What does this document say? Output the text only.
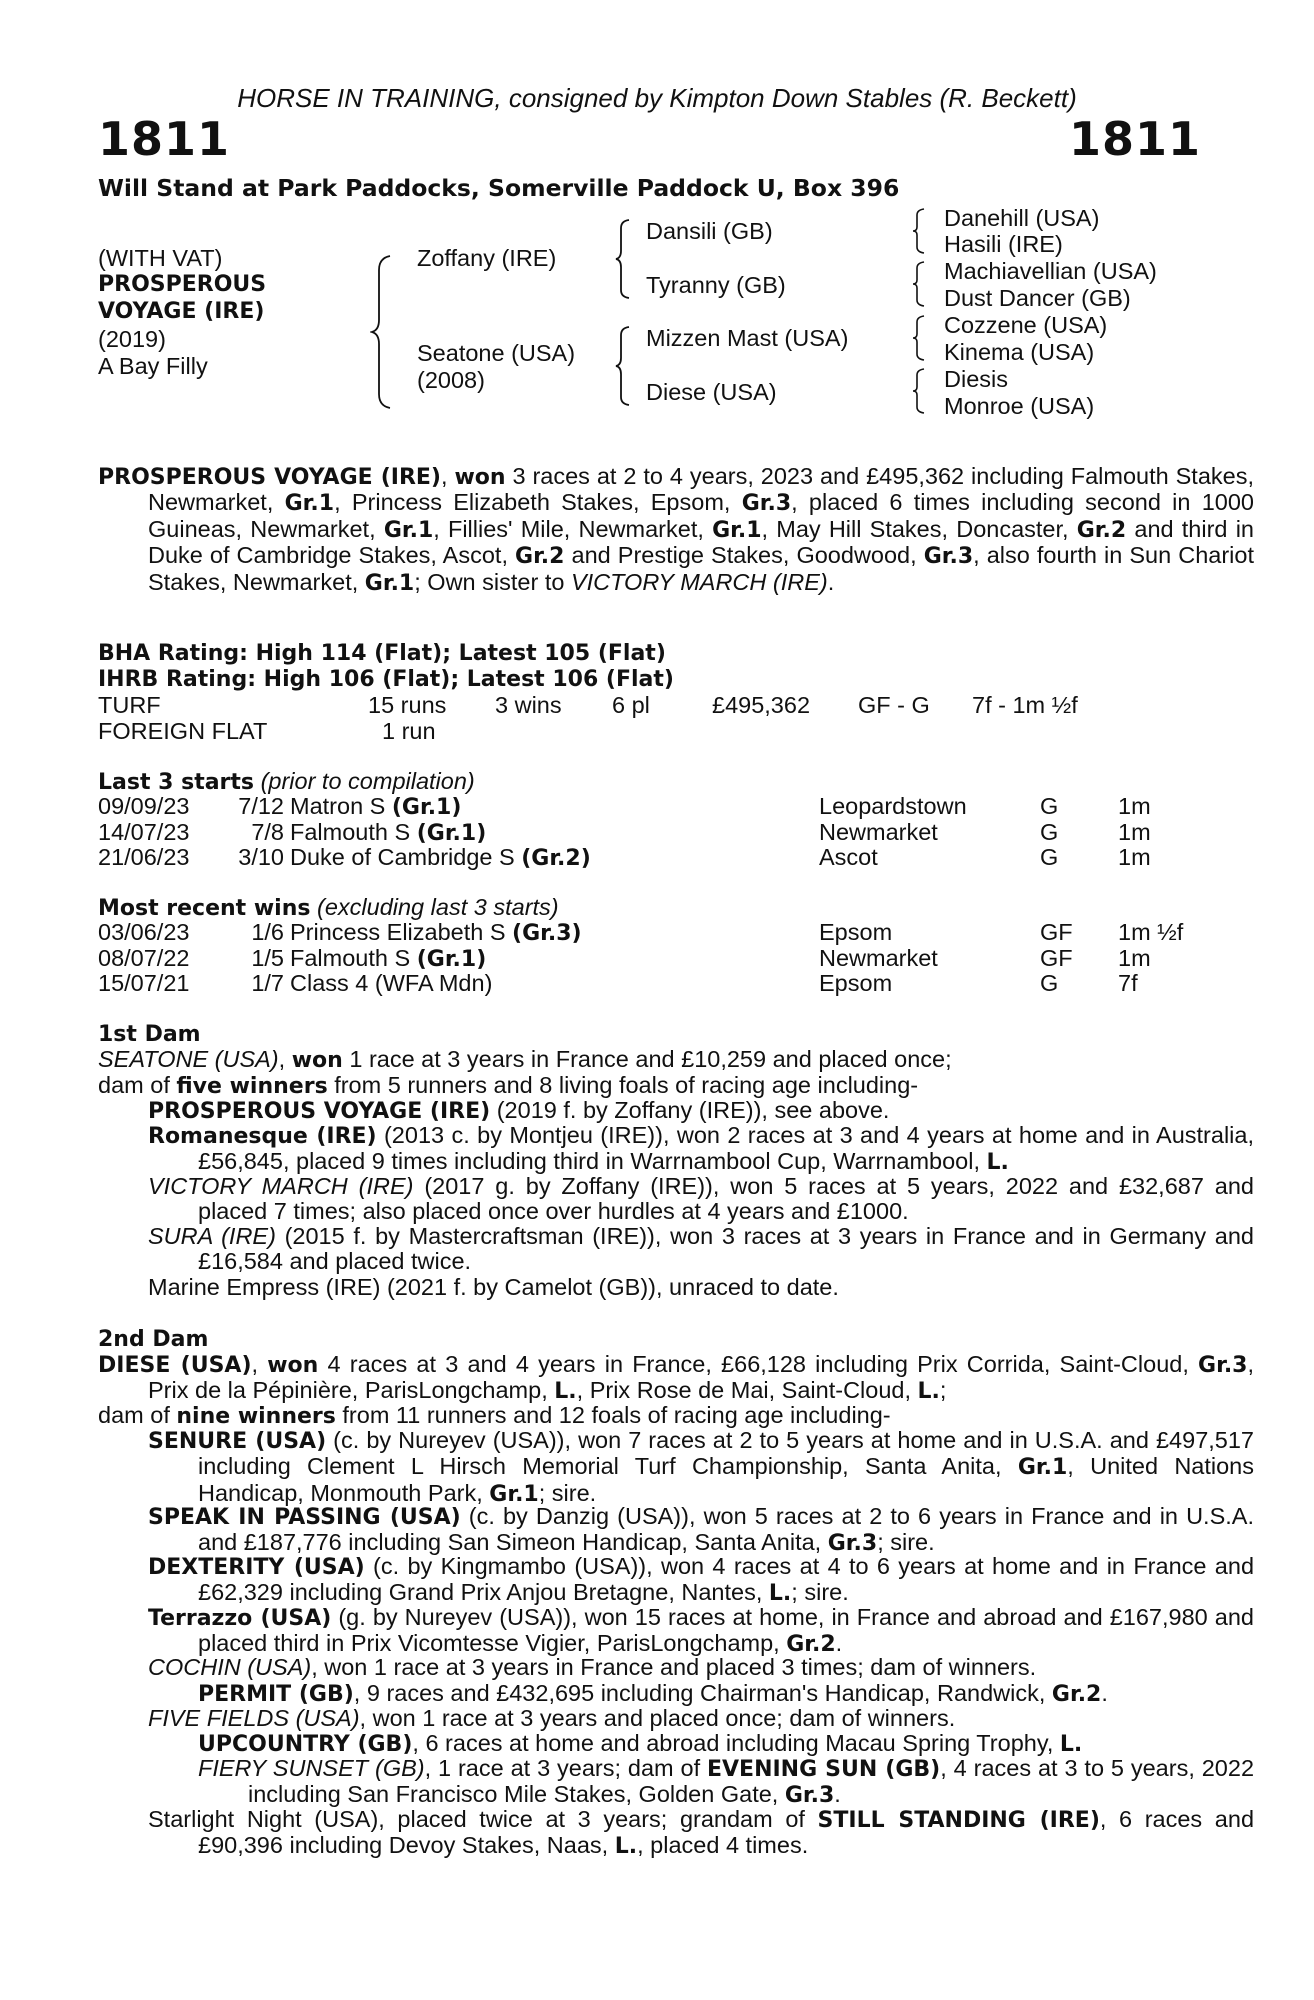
HORSE IN TRAINING, consigned by Kimpton Down Stables (R. Beckett)
1811	1811
Will Stand at Park Paddocks, Somerville Paddock U, Box 396
(WITH VAT)
PROSPEROUS
VOYAGE (IRE)
(2019)
A Bay Filly
Zoffany (IRE)
Seatone (USA)
(2008)
Dansili (GB)
Tyranny (GB)
Mizzen Mast (USA)
Diese (USA)
Danehill (USA)
Hasili (IRE)
Machiavellian (USA)
Dust Dancer (GB)
Cozzene (USA)
Kinema (USA)
Diesis
Monroe (USA)
PROSPEROUS VOYAGE (IRE), won 3 races at 2 to 4 years, 2023 and £495,362 including Falmouth Stakes, Newmarket, Gr.1, Princess Elizabeth Stakes, Epsom, Gr.3, placed 6 times including second in 1000 Guineas, Newmarket, Gr.1, Fillies' Mile, Newmarket, Gr.1, May Hill Stakes, Doncaster, Gr.2 and third in Duke of Cambridge Stakes, Ascot, Gr.2 and Prestige Stakes, Goodwood, Gr.3, also fourth in Sun Chariot Stakes, Newmarket, Gr.1; Own sister to VICTORY MARCH (IRE).
BHA Rating: High 114 (Flat); Latest 105 (Flat)
IHRB Rating: High 106 (Flat); Latest 106 (Flat)
TURF	15 runs 3 wins 6 pl	£495,362 GF - G 7f - 1m ½f
FOREIGN FLAT	1 run
Last 3 starts (prior to compilation)
09/09/23 7/12 Matron S (Gr.1)	Leopardstown	G	1m
14/07/23	7/8 Falmouth S (Gr.1)	Newmarket	G	1m
21/06/23 3/10 Duke of Cambridge S (Gr.2)	Ascot	G	1m
Most recent wins (excluding last 3 starts)
03/06/23	1/6 Princess Elizabeth S (Gr.3)	Epsom	GF 1m ½f
08/07/22	1/5 Falmouth S (Gr.1)	Newmarket	GF 1m
15/07/21	1/7 Class 4 (WFA Mdn)	Epsom	G	7f
1st Dam
SEATONE (USA), won 1 race at 3 years in France and £10,259 and placed once;
dam of five winners from 5 runners and 8 living foals of racing age including-
PROSPEROUS VOYAGE (IRE) (2019 f. by Zoffany (IRE)), see above.
Romanesque (IRE) (2013 c. by Montjeu (IRE)), won 2 races at 3 and 4 years at home and in Australia, £56,845, placed 9 times including third in Warrnambool Cup, Warrnambool, L.
VICTORY MARCH (IRE) (2017 g. by Zoffany (IRE)), won 5 races at 5 years, 2022 and £32,687 and placed 7 times; also placed once over hurdles at 4 years and £1000.
SURA (IRE) (2015 f. by Mastercraftsman (IRE)), won 3 races at 3 years in France and in Germany and £16,584 and placed twice.
Marine Empress (IRE) (2021 f. by Camelot (GB)), unraced to date.
2nd Dam
DIESE (USA), won 4 races at 3 and 4 years in France, £66,128 including Prix Corrida, Saint-Cloud, Gr.3, Prix de la Pépinière, ParisLongchamp, L., Prix Rose de Mai, Saint-Cloud, L.;
dam of nine winners from 11 runners and 12 foals of racing age including-
SENURE (USA) (c. by Nureyev (USA)), won 7 races at 2 to 5 years at home and in U.S.A. and £497,517 including Clement L Hirsch Memorial Turf Championship, Santa Anita, Gr.1, United Nations Handicap, Monmouth Park, Gr.1; sire.
SPEAK IN PASSING (USA) (c. by Danzig (USA)), won 5 races at 2 to 6 years in France and in U.S.A. and £187,776 including San Simeon Handicap, Santa Anita, Gr.3; sire.
DEXTERITY (USA) (c. by Kingmambo (USA)), won 4 races at 4 to 6 years at home and in France and £62,329 including Grand Prix Anjou Bretagne, Nantes, L.; sire.
Terrazzo (USA) (g. by Nureyev (USA)), won 15 races at home, in France and abroad and £167,980 and placed third in Prix Vicomtesse Vigier, ParisLongchamp, Gr.2.
COCHIN (USA), won 1 race at 3 years in France and placed 3 times; dam of winners.
PERMIT (GB), 9 races and £432,695 including Chairman's Handicap, Randwick, Gr.2.
FIVE FIELDS (USA), won 1 race at 3 years and placed once; dam of winners.
UPCOUNTRY (GB), 6 races at home and abroad including Macau Spring Trophy, L.
FIERY SUNSET (GB), 1 race at 3 years; dam of EVENING SUN (GB), 4 races at 3 to 5 years, 2022 including San Francisco Mile Stakes, Golden Gate, Gr.3.
Starlight Night (USA), placed twice at 3 years; grandam of STILL STANDING (IRE), 6 races and £90,396 including Devoy Stakes, Naas, L., placed 4 times.
